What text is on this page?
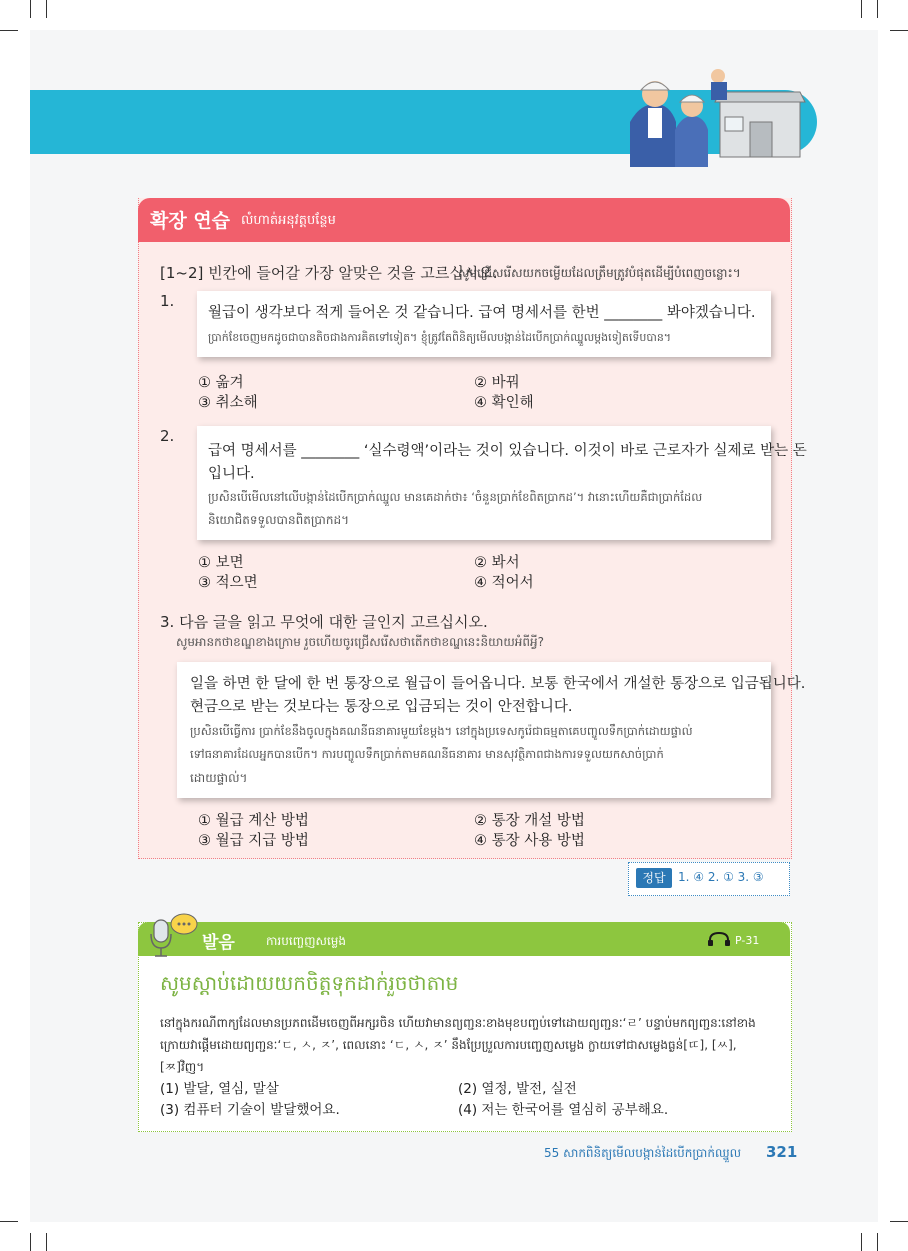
확장 연습 លំហាត់អនុវត្តបន្ថែម
[1~2] 빈칸에 들어갈 가장 알맞은 것을 고르십시오.
សូមជ្រើសរើសយកចម្លើយដែលត្រឹមត្រូវបំផុតដើម្បីបំពេញចន្លោះ។
1.
월급이 생각보다 적게 들어온 것 같습니다. 급여 명세서를 한번 ________ 봐야겠습니다.
ប្រាក់ខែចេញមកដូចជាបានតិចជាងការគិតទៅទៀត។ ខ្ញុំត្រូវតែពិនិត្យមើលបង្កាន់ដៃបើកប្រាក់ឈ្នួលម្តងទៀតទើបបាន។
① 옮겨	② 바꿔
③ 취소해	④ 확인해
2.
급여 명세서를 ________ ‘실수령액’이라는 것이 있습니다. 이것이 바로 근로자가 실제로 받는 돈
입니다.
ប្រសិនបើមើលនៅលើបង្កាន់ដៃបើកប្រាក់ឈ្នួល មានគេដាក់ថា៖ ‘ចំនួនប្រាក់ខែពិតប្រាកដ’។ វានោះហើយគឺជាប្រាក់ដែល
និយោជិតទទួលបានពិតប្រាកដ។
① 보면	② 봐서
③ 적으면	④ 적어서
3. 다음 글을 읽고 무엇에 대한 글인지 고르십시오.
សូមអានកថាខណ្ឌខាងក្រោម រួចហើយចូរជ្រើសរើសថាតើកថាខណ្ឌនេះនិយាយអំពីអ្វី?
일을 하면 한 달에 한 번 통장으로 월급이 들어옵니다. 보통 한국에서 개설한 통장으로 입금됩니다.
현금으로 받는 것보다는 통장으로 입금되는 것이 안전합니다.
ប្រសិនបើធ្វើការ ប្រាក់ខែនឹងចូលក្នុងគណនីធនាគារមួយខែម្តង។ នៅក្នុងប្រទេសកូរ៉េជាធម្មតាគេបញ្ចូលទឹកប្រាក់ដោយផ្ទាល់
ទៅធនាគារដែលអ្នកបានបើក។ ការបញ្ចូលទឹកប្រាក់តាមគណនីធនាគារ មានសុវត្ថិភាពជាងការទទួលយកសាច់ប្រាក់
ដោយផ្ទាល់។
① 월급 계산 방법	② 통장 개설 방법
③ 월급 지급 방법	④ 통장 사용 방법
정답	1. ④ 2. ① 3. ③
발음	ការបញ្ចេញសម្លេង	P-31
សូមស្តាប់ដោយយកចិត្តទុកដាក់រួចថាតាម
នៅក្នុងករណីពាក្យដែលមានប្រភពដើមចេញពីអក្សរចិន ហើយវាមានព្យញ្ជនៈខាងមុខបញ្ចប់ទៅដោយព្យញ្ជនៈ‘ㄹ’ បន្ទាប់មកព្យញ្ជនៈនៅខាងក្រោយវាផ្តើមដោយព្យញ្ជនៈ‘ㄷ, ㅅ, ㅈ’, ពេលនោះ ‘ㄷ, ㅅ, ㅈ’ នឹងប្រែប្រួលការបញ្ចេញសម្លេង ក្លាយទៅជាសម្លេងធ្ងន់[ㄸ], [ㅆ], [ㅉ]វិញ។
(1) 발달, 열심, 말살	(2) 열정, 발전, 실전
(3) 컴퓨터 기술이 발달했어요.	(4) 저는 한국어를 열심히 공부해요.
55 សាកពិនិត្យមើលបង្កាន់ដៃបើកប្រាក់ឈ្នួល 321
